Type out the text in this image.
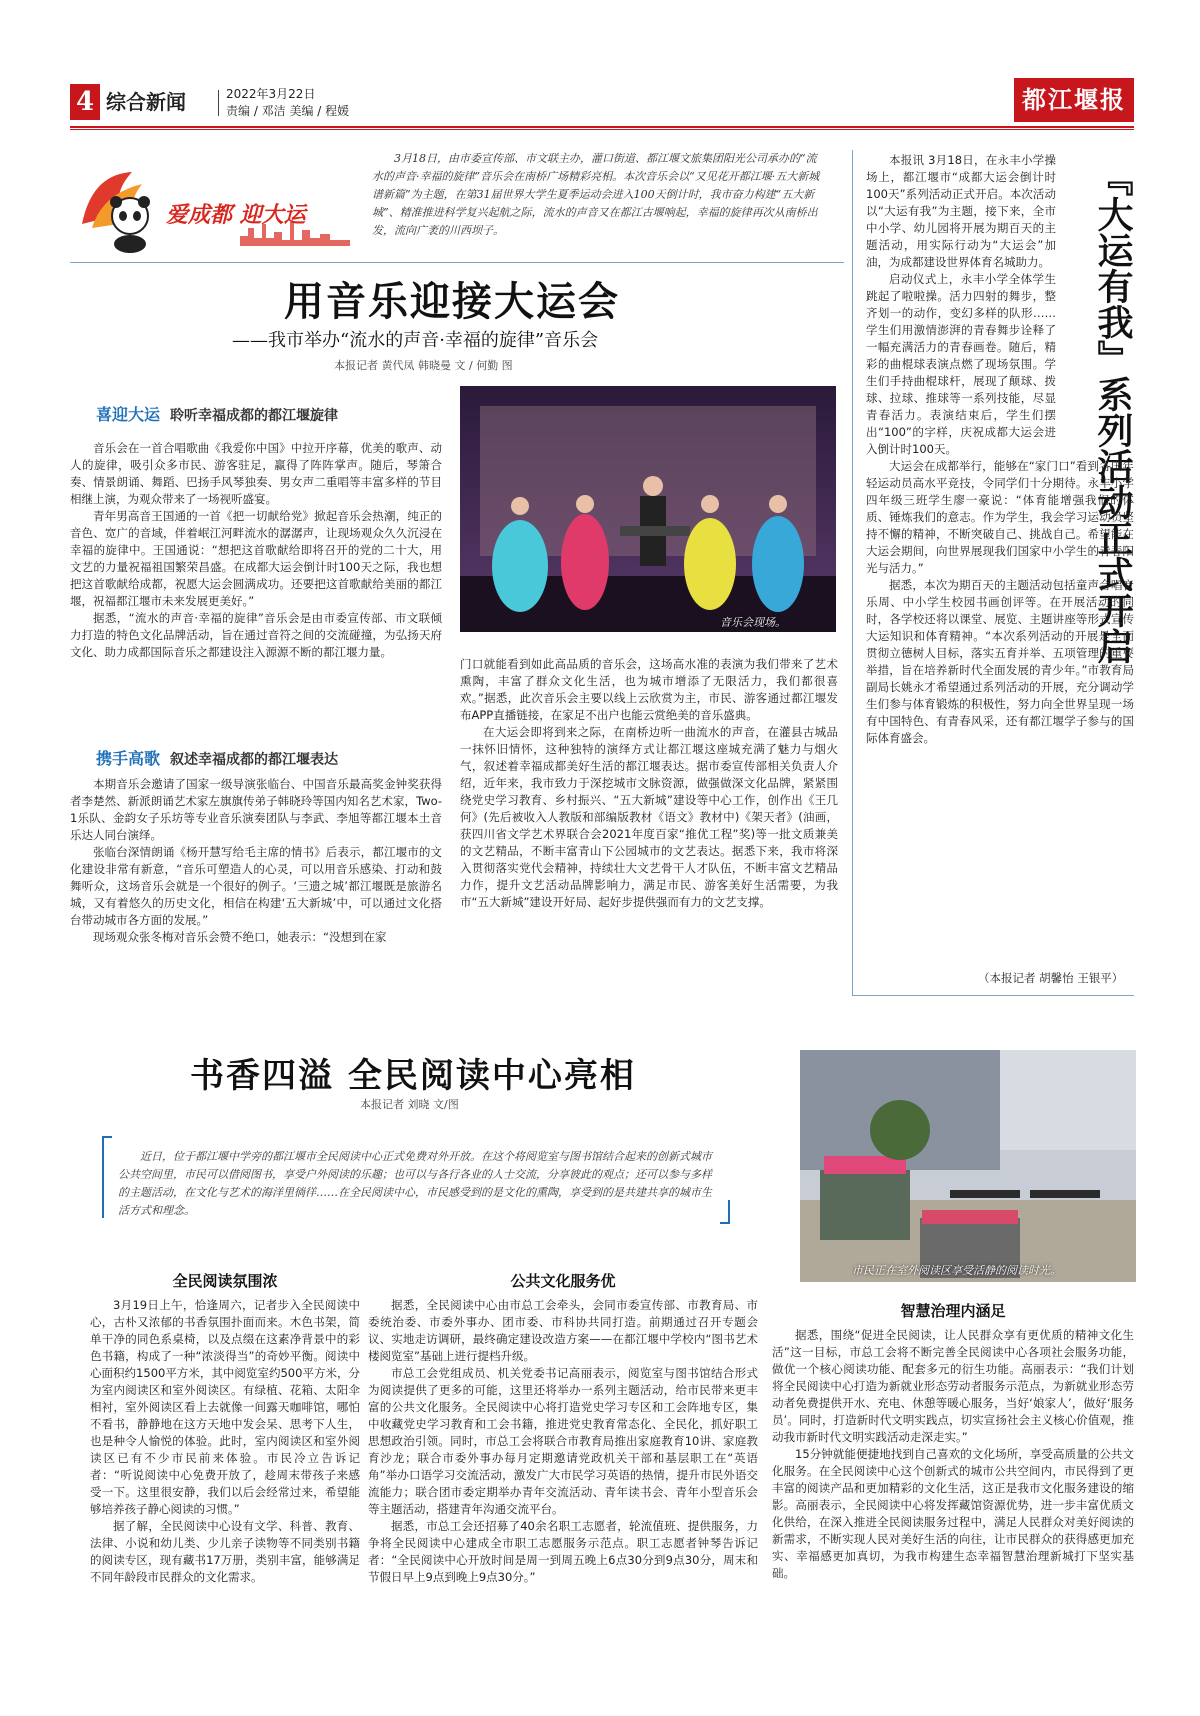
4 综合新闻	2022年3月22日
责编 / 邓洁 美编 / 程媛	都江堰报
爱成都 迎大运

3月18日，由市委宣传部、市文联主办，灌口街道、都江堰文旅集团阳光公司承办的“流水的声音·幸福的旋律”音乐会在南桥广场精彩亮相。本次音乐会以“又见花开都江堰·五大新城谱新篇”为主题，在第31届世界大学生夏季运动会进入100天倒计时，我市奋力构建“五大新城”、精准推进科学复兴起航之际，流水的声音又在都江古堰响起，幸福的旋律再次从南桥出发，流向广袤的川西坝子。

用音乐迎接大运会
——我市举办“流水的声音·幸福的旋律”音乐会
本报记者 黄代凤 韩晓曼 文 / 何勤 图
喜迎大运 聆听幸福成都的都江堰旋律

音乐会在一首合唱歌曲《我爱你中国》中拉开序幕，优美的歌声、动人的旋律，吸引众多市民、游客驻足，赢得了阵阵掌声。随后，琴箫合奏、情景朗诵、舞蹈、巴扬手风琴独奏、男女声二重唱等丰富多样的节目相继上演，为观众带来了一场视听盛宴。

青年男高音王国通的一首《把一切献给党》掀起音乐会热潮，纯正的音色、宽广的音域，伴着岷江河畔流水的潺潺声，让现场观众久久沉浸在幸福的旋律中。王国通说：“想把这首歌献给即将召开的党的二十大，用文艺的力量祝福祖国繁荣昌盛。在成都大运会倒计时100天之际，我也想把这首歌献给成都，祝愿大运会圆满成功。还要把这首歌献给美丽的都江堰，祝福都江堰市未来发展更美好。”

据悉，“流水的声音·幸福的旋律”音乐会是由市委宣传部、市文联倾力打造的特色文化品牌活动，旨在通过音符之间的交流碰撞，为弘扬天府文化、助力成都国际音乐之都建设注入源源不断的都江堰力量。

携手高歌 叙述幸福成都的都江堰表达

本期音乐会邀请了国家一级导演张临台、中国音乐最高奖金钟奖获得者李楚然、新派朗诵艺术家左旗旗传弟子韩晓玲等国内知名艺术家，Two-1乐队、金韵女子乐坊等专业音乐演奏团队与李武、李旭等都江堰本土音乐达人同台演绎。

张临台深情朗诵《杨开慧写给毛主席的情书》后表示，都江堰市的文化建设非常有新意，“音乐可塑造人的心灵，可以用音乐感染、打动和鼓舞听众，这场音乐会就是一个很好的例子。‘三遗之城’都江堰既是旅游名城，又有着悠久的历史文化，相信在构建‘五大新城’中，可以通过文化搭台带动城市各方面的发展。”

现场观众张冬梅对音乐会赞不绝口，她表示：“没想到在家

音乐会现场。

门口就能看到如此高品质的音乐会，这场高水准的表演为我们带来了艺术熏陶，丰富了群众文化生活，也为城市增添了无限活力，我们都很喜欢。”据悉，此次音乐会主要以线上云欣赏为主，市民、游客通过都江堰发布APP直播链接，在家足不出户也能云赏绝美的音乐盛典。

在大运会即将到来之际，在南桥边听一曲流水的声音，在灌县古城品一抹怀旧情怀，这种独特的演绎方式让都江堰这座城充满了魅力与烟火气，叙述着幸福成都美好生活的都江堰表达。据市委宣传部相关负责人介绍，近年来，我市致力于深挖城市文脉资源，做强做深文化品牌，紧紧围绕党史学习教育、乡村振兴、“五大新城”建设等中心工作，创作出《王几何》(先后被收入人教版和部编版教材《语文》教材中)《架天者》(油画，获四川省文学艺术界联合会2021年度百家“推优工程”奖)等一批文质兼美的文艺精品，不断丰富青山下公园城市的文艺表达。据悉下来，我市将深入贯彻落实党代会精神，持续壮大文艺骨干人才队伍，不断丰富文艺精品力作，提升文艺活动品牌影响力，满足市民、游客美好生活需要，为我市“五大新城”建设开好局、起好步提供强而有力的文艺支撑。

『大运有我』系列活动正式开启

本报讯 3月18日，在永丰小学操场上，都江堰市“成都大运会倒计时100天”系列活动正式开启。本次活动以“大运有我”为主题，接下来，全市中小学、幼儿园将开展为期百天的主题活动，用实际行动为“大运会”加油，为成都建设世界体育名城助力。

启动仪式上，永丰小学全体学生跳起了啦啦操。活力四射的舞步，整齐划一的动作，变幻多样的队形……学生们用激情澎湃的青春舞步诠释了一幅充满活力的青春画卷。随后，精彩的曲棍球表演点燃了现场氛围。学生们手持曲棍球杆，展现了颠球、拨球、拉球、推球等一系列技能，尽显青春活力。表演结束后，学生们摆出“100”的字样，庆祝成都大运会进入倒计时100天。

大运会在成都举行，能够在“家门口”看到各国年轻运动员高水平竞技，令同学们十分期待。永丰小学四年级三班学生廖一豪说：“体育能增强我们的体质、锤炼我们的意志。作为学生，我会学习运动员坚持不懈的精神，不断突破自己、挑战自己。希望能在大运会期间，向世界展现我们国家中小学生的青春阳光与活力。”

据悉，本次为期百天的主题活动包括童声合唱音乐周、中小学生校园书画创评等。在开展活动的同时，各学校还将以课堂、展览、主题讲座等形式宣传大运知识和体育精神。“本次系列活动的开展是全面贯彻立德树人目标，落实五育并举、五项管理的重要举措，旨在培养新时代全面发展的青少年。”市教育局副局长姚永才希望通过系列活动的开展，充分调动学生们参与体育锻炼的积极性，努力向全世界呈现一场有中国特色、有青春风采，还有都江堰学子参与的国际体育盛会。

（本报记者 胡馨怡 王银平）
书香四溢 全民阅读中心亮相
本报记者 刘晓 文/图

近日，位于都江堰中学旁的都江堰市全民阅读中心正式免费对外开放。在这个将阅览室与图书馆结合起来的创新式城市公共空间里，市民可以借阅图书，享受户外阅读的乐趣；也可以与各行各业的人士交流，分享彼此的观点；还可以参与多样的主题活动，在文化与艺术的海洋里徜徉……在全民阅读中心，市民感受到的是文化的熏陶，享受到的是共建共享的城市生活方式和理念。

市民正在室外阅读区享受活静的阅读时光。
全民阅读氛围浓

3月19日上午，恰逢周六，记者步入全民阅读中心，古朴又浓郁的书香氛围扑面而来。木色书架，简单干净的同色系桌椅，以及点缀在这素净背景中的彩色书籍，构成了一种“浓淡得当”的奇妙平衡。阅读中心面积约1500平方米，其中阅览室约500平方米，分为室内阅读区和室外阅读区。有绿植、花箱、太阳伞相衬，室外阅读区看上去就像一间露天咖啡馆，哪怕不看书，静静地在这方天地中发会呆、思考下人生，也是种令人愉悦的体验。此时，室内阅读区和室外阅读区已有不少市民前来体验。市民冷立告诉记者：“听说阅读中心免费开放了，趁周末带孩子来感受一下。这里很安静，我们以后会经常过来，希望能够培养孩子静心阅读的习惯。”

据了解，全民阅读中心设有文学、科普、教育、法律、小说和幼儿类、少儿亲子读物等不同类别书籍的阅读专区，现有藏书17万册，类别丰富，能够满足不同年龄段市民群众的文化需求。

公共文化服务优

据悉，全民阅读中心由市总工会牵头，会同市委宣传部、市教育局、市委统治委、市委外事办、团市委、市科协共同打造。前期通过召开专题会议、实地走访调研，最终确定建设改造方案——在都江堰中学校内“图书艺术楼阅览室”基础上进行提档升级。

市总工会党组成员、机关党委书记高丽表示，阅览室与图书馆结合形式为阅读提供了更多的可能，这里还将举办一系列主题活动，给市民带来更丰富的公共文化服务。全民阅读中心将打造党史学习专区和工会阵地专区，集中收藏党史学习教育和工会书籍，推进党史教育常态化、全民化，抓好职工思想政治引领。同时，市总工会将联合市教育局推出家庭教育10讲、家庭教育沙龙；联合市委外事办每月定期邀请党政机关干部和基层职工在“英语角”举办口语学习交流活动，激发广大市民学习英语的热情，提升市民外语交流能力；联合团市委定期举办青年交流活动、青年读书会、青年小型音乐会等主题活动，搭建青年沟通交流平台。

据悉，市总工会还招募了40余名职工志愿者，轮流值班、提供服务，力争将全民阅读中心建成全市职工志愿服务示范点。职工志愿者钟琴告诉记者：“全民阅读中心开放时间是周一到周五晚上6点30分到9点30分，周末和节假日早上9点到晚上9点30分。”

智慧治理内涵足

据悉，围绕“促进全民阅读，让人民群众享有更优质的精神文化生活”这一目标，市总工会将不断完善全民阅读中心各项社会服务功能，做优一个核心阅读功能、配套多元的衍生功能。高丽表示：“我们计划将全民阅读中心打造为新就业形态劳动者服务示范点，为新就业形态劳动者免费提供开水、充电、休憩等暖心服务，当好‘娘家人’，做好‘服务员’。同时，打造新时代文明实践点，切实宣扬社会主义核心价值观，推动我市新时代文明实践活动走深走实。”

15分钟就能便捷地找到自己喜欢的文化场所，享受高质量的公共文化服务。在全民阅读中心这个创新式的城市公共空间内，市民得到了更丰富的阅读产品和更加精彩的文化生活，这正是我市文化服务建设的缩影。高丽表示，全民阅读中心将发挥藏馆资源优势，进一步丰富优质文化供给，在深入推进全民阅读服务过程中，满足人民群众对美好阅读的新需求，不断实现人民对美好生活的向往，让市民群众的获得感更加充实、幸福感更加真切，为我市构建生态幸福智慧治理新城打下坚实基础。
